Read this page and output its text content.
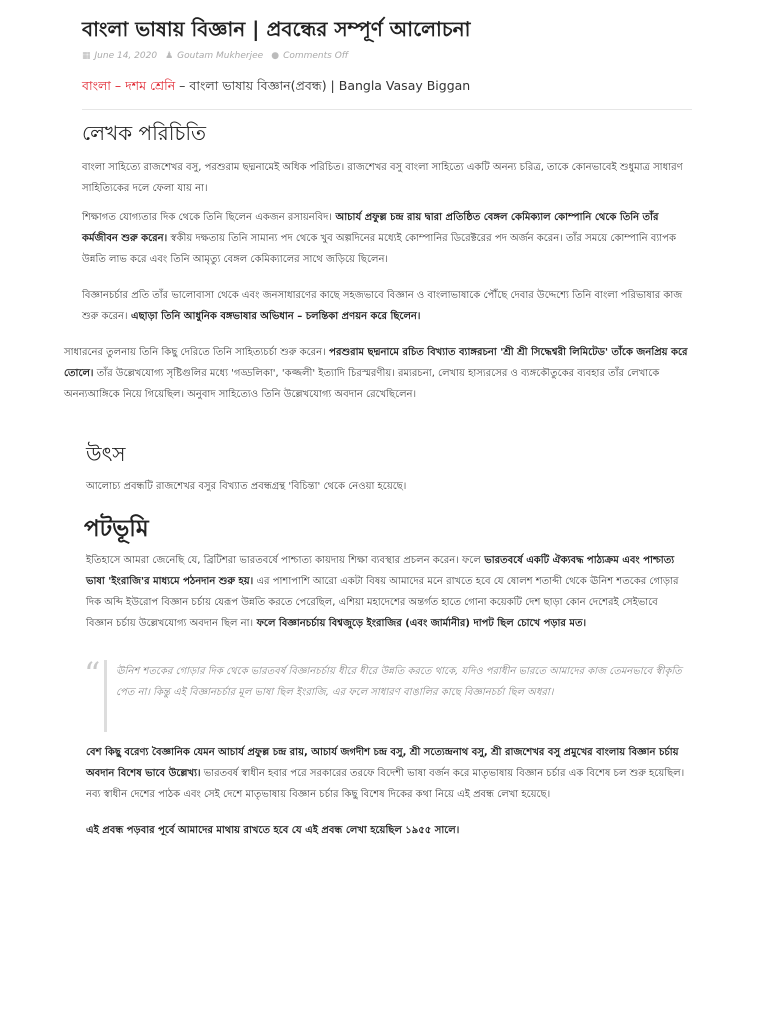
বাংলা ভাষায় বিজ্ঞান | প্রবন্ধের সম্পূর্ণ আলোচনা
▦ June 14, 2020 ♟ Goutam Mukherjee ● Comments Off
বাংলা – দশম শ্রেনি – বাংলা ভাষায় বিজ্ঞান(প্রবন্ধ) | Bangla Vasay Biggan
লেখক পরিচিতি

বাংলা সাহিত্যে রাজশেখর বসু, পরশুরাম ছদ্মনামেই অধিক পরিচিত। রাজশেখর বসু বাংলা সাহিত্যে একটি অনন্য চরিত্র, তাকে কোনভাবেই শুধুমাত্র সাধারণ সাহিত্যিকের দলে ফেলা যায় না।

শিক্ষাগত যোগ্যতার দিক থেকে তিনি ছিলেন একজন রসায়নবিদ। আচার্য প্রফুল্ল চন্দ্র রায় দ্বারা প্রতিষ্ঠিত বেঙ্গল কেমিক্যাল কোম্পানি থেকে তিনি তাঁর কর্মজীবন শুরু করেন। স্বকীয় দক্ষতায় তিনি সামান্য পদ থেকে খুব অল্পদিনের মধ্যেই কোম্পানির ডিরেক্টরের পদ অর্জন করেন। তাঁর সময়ে কোম্পানি ব্যাপক উন্নতি লাভ করে এবং তিনি আমৃত্যু বেঙ্গল কেমিক্যালের সাথে জড়িয়ে ছিলেন।

বিজ্ঞানচর্চার প্রতি তাঁর ভালোবাসা থেকে এবং জনসাধারণের কাছে সহজভাবে বিজ্ঞান ও বাংলাভাষাকে পৌঁছে দেবার উদ্দেশ্যে তিনি বাংলা পরিভাষার কাজ শুরু করেন। এছাড়া তিনি আধুনিক বঙ্গভাষার অভিধান – চলন্তিকা প্রণয়ন করে ছিলেন।

সাধারনের তুলনায় তিনি কিছু দেরিতে তিনি সাহিত্যচর্চা শুরু করেন। পরশুরাম ছদ্মনামে রচিত বিখ্যাত ব্যাঙ্গরচনা 'শ্রী শ্রী সিদ্ধেশ্বরী লিমিটেড' তাঁকে জনপ্রিয় করে তোলে। তাঁর উল্লেখযোগ্য সৃষ্টিগুলির মধ্যে 'গড্ডলিকা', 'কজ্জলী' ইত্যাদি চিরস্মরণীয়। রম্যরচনা, লেখায় হাস্যরসের ও ব্যঙ্গকৌতুকের ব্যবহার তাঁর লেখাকে অনন্যআঙ্গিকে নিয়ে গিয়েছিল। অনুবাদ সাহিত্যেও তিনি উল্লেখযোগ্য অবদান রেখেছিলেন।

উৎস

আলোচ্য প্রবন্ধটি রাজশেখর বসুর বিখ্যাত প্রবন্ধগ্রন্থ 'বিচিন্তা' থেকে নেওয়া হয়েছে।

পটভূমি

ইতিহাসে আমরা জেনেছি যে, ব্রিটিশরা ভারতবর্ষে পাশ্চাত্য কায়দায় শিক্ষা ব্যবস্থার প্রচলন করেন। ফলে ভারতবর্ষে একটি ঐক্যবদ্ধ পাঠ্যক্রম এবং পাশ্চাত্য ভাষা 'ইংরাজি'র মাধ্যমে পঠনদান শুরু হয়। এর পাশাপাশি আরো একটা বিষয় আমাদের মনে রাখতে হবে যে ষোলশ শতাব্দী থেকে ঊনিশ শতকের গোড়ার দিক অব্দি ইউরোপ বিজ্ঞান চর্চায় যেরূপ উন্নতি করতে পেরেছিল, এশিয়া মহাদেশের অন্তর্গত হাতে গোনা কয়েকটি দেশ ছাড়া কোন দেশেরই সেইভাবে বিজ্ঞান চর্চায় উল্লেখযোগ্য অবদান ছিল না। ফলে বিজ্ঞানচর্চায় বিশ্বজুড়ে ইংরাজির (এবং জার্মানীর) দাপট ছিল চোখে পড়ার মত।

“ ঊনিশ শতকের গোড়ার দিক থেকে ভারতবর্ষ বিজ্ঞানচর্চায় ধীরে ধীরে উন্নতি করতে থাকে, যদিও পরাধীন ভারতে আমাদের কাজ তেমনভাবে স্বীকৃতি পেত না। কিন্তু এই বিজ্ঞানচর্চার মূল ভাষা ছিল ইংরাজি, এর ফলে সাধারণ বাঙালির কাছে বিজ্ঞানচর্চা ছিল অধরা।

বেশ কিছু বরেণ্য বৈজ্ঞানিক যেমন আচার্য প্রফুল্ল চন্দ্র রায়, আচার্য জগদীশ চন্দ্র বসু, শ্রী সত্যেন্দ্রনাথ বসু, শ্রী রাজশেখর বসু প্রমুখের বাংলায় বিজ্ঞান চর্চায় অবদান বিশেষ ভাবে উল্লেখ্য। ভারতবর্ষ স্বাধীন হবার পরে সরকারের তরফে বিদেশী ভাষা বর্জন করে মাতৃভাষায় বিজ্ঞান চর্চার এক বিশেষ চল শুরু হয়েছিল। নব্য স্বাধীন দেশের পাঠক এবং সেই দেশে মাতৃভাষায় বিজ্ঞান চর্চার কিছু বিশেষ দিকের কথা নিয়ে এই প্রবন্ধ লেখা হয়েছে।

এই প্রবন্ধ পড়বার পূর্বে আমাদের মাথায় রাখতে হবে যে এই প্রবন্ধ লেখা হয়েছিল ১৯৫৫ সালে।
